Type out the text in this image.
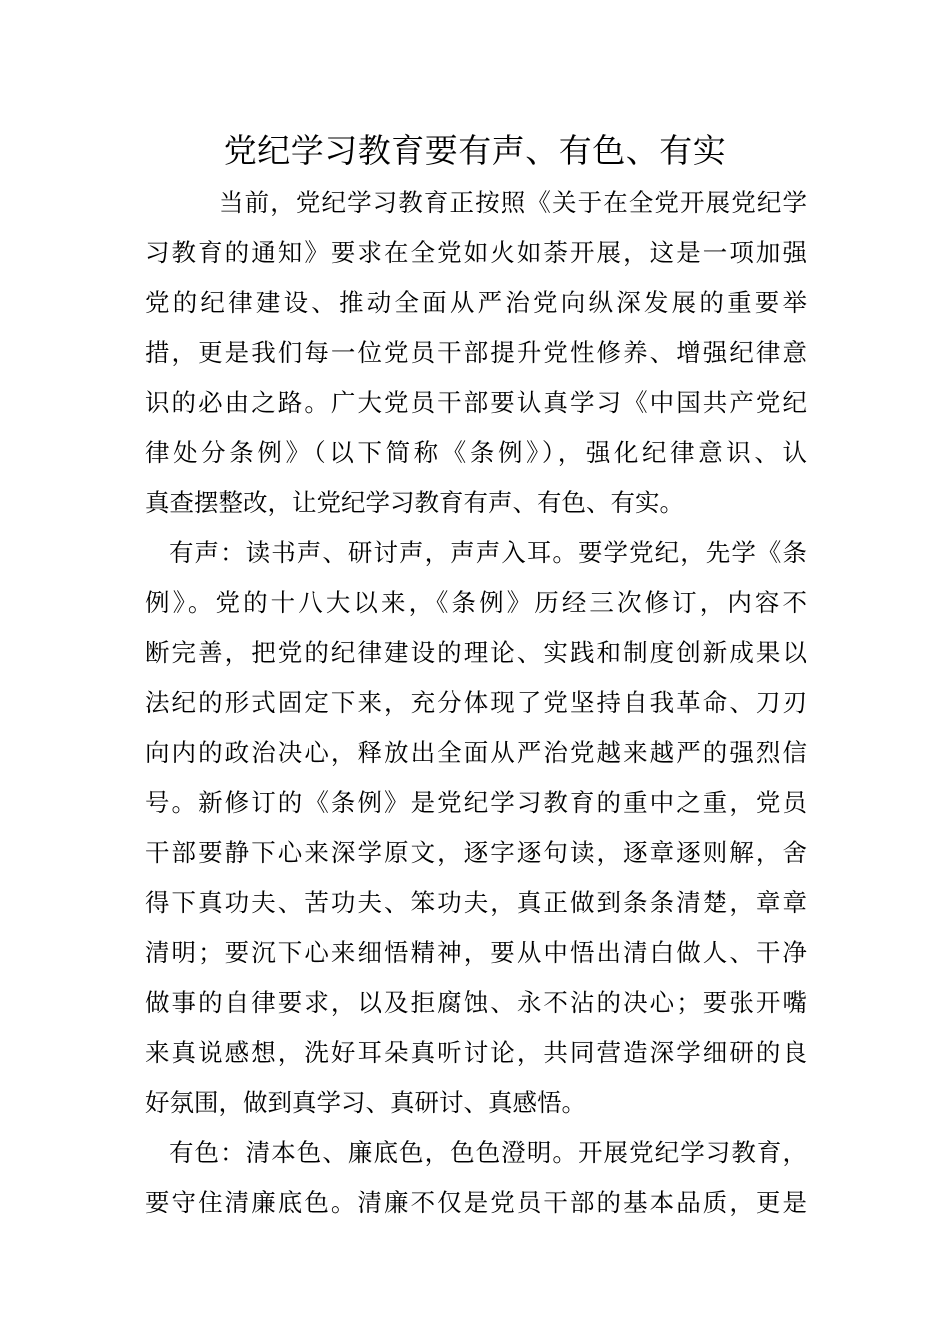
党纪学习教育要有声、有色、有实
当前，党纪学习教育正按照《关于在全党开展党纪学
习教育的通知》要求在全党如火如荼开展，这是一项加强
党的纪律建设、推动全面从严治党向纵深发展的重要举
措，更是我们每一位党员干部提升党性修养、增强纪律意
识的必由之路。广大党员干部要认真学习《中国共产党纪
律处分条例》（以下简称《条例》），强化纪律意识、认
真查摆整改，让党纪学习教育有声、有色、有实。
有声：读书声、研讨声，声声入耳。要学党纪，先学《条
例》。党的十八大以来，《条例》历经三次修订，内容不
断完善，把党的纪律建设的理论、实践和制度创新成果以
法纪的形式固定下来，充分体现了党坚持自我革命、刀刃
向内的政治决心，释放出全面从严治党越来越严的强烈信
号。新修订的《条例》是党纪学习教育的重中之重，党员
干部要静下心来深学原文，逐字逐句读，逐章逐则解，舍
得下真功夫、苦功夫、笨功夫，真正做到条条清楚，章章
清明；要沉下心来细悟精神，要从中悟出清白做人、干净
做事的自律要求，以及拒腐蚀、永不沾的决心；要张开嘴
来真说感想，洗好耳朵真听讨论，共同营造深学细研的良
好氛围，做到真学习、真研讨、真感悟。
有色：清本色、廉底色，色色澄明。开展党纪学习教育，
要守住清廉底色。清廉不仅是党员干部的基本品质，更是
